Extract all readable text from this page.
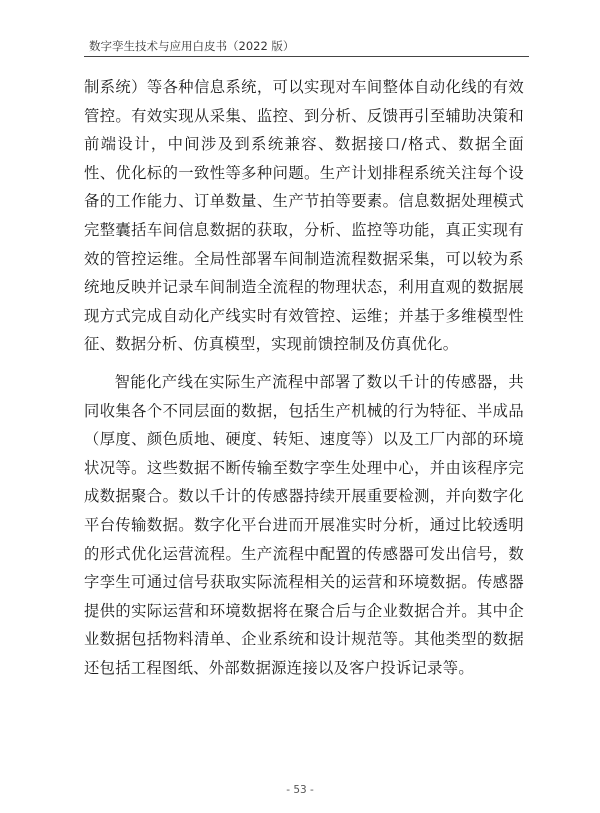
数字孪生技术与应用白皮书（2022 版）

制系统）等各种信息系统，可以实现对车间整体自动化线的有效管控。有效实现从采集、监控、到分析、反馈再引至辅助决策和前端设计，中间涉及到系统兼容、数据接口/格式、数据全面性、优化标的一致性等多种问题。生产计划排程系统关注每个设备的工作能力、订单数量、生产节拍等要素。信息数据处理模式完整囊括车间信息数据的获取，分析、监控等功能，真正实现有效的管控运维。全局性部署车间制造流程数据采集，可以较为系统地反映并记录车间制造全流程的物理状态，利用直观的数据展现方式完成自动化产线实时有效管控、运维；并基于多维模型性征、数据分析、仿真模型，实现前馈控制及仿真优化。

智能化产线在实际生产流程中部署了数以千计的传感器，共同收集各个不同层面的数据，包括生产机械的行为特征、半成品（厚度、颜色质地、硬度、转矩、速度等）以及工厂内部的环境状况等。这些数据不断传输至数字孪生处理中心，并由该程序完成数据聚合。数以千计的传感器持续开展重要检测，并向数字化平台传输数据。数字化平台进而开展准实时分析，通过比较透明的形式优化运营流程。生产流程中配置的传感器可发出信号，数字孪生可通过信号获取实际流程相关的运营和环境数据。传感器提供的实际运营和环境数据将在聚合后与企业数据合并。其中企业数据包括物料清单、企业系统和设计规范等。其他类型的数据还包括工程图纸、外部数据源连接以及客户投诉记录等。

- 53 -
